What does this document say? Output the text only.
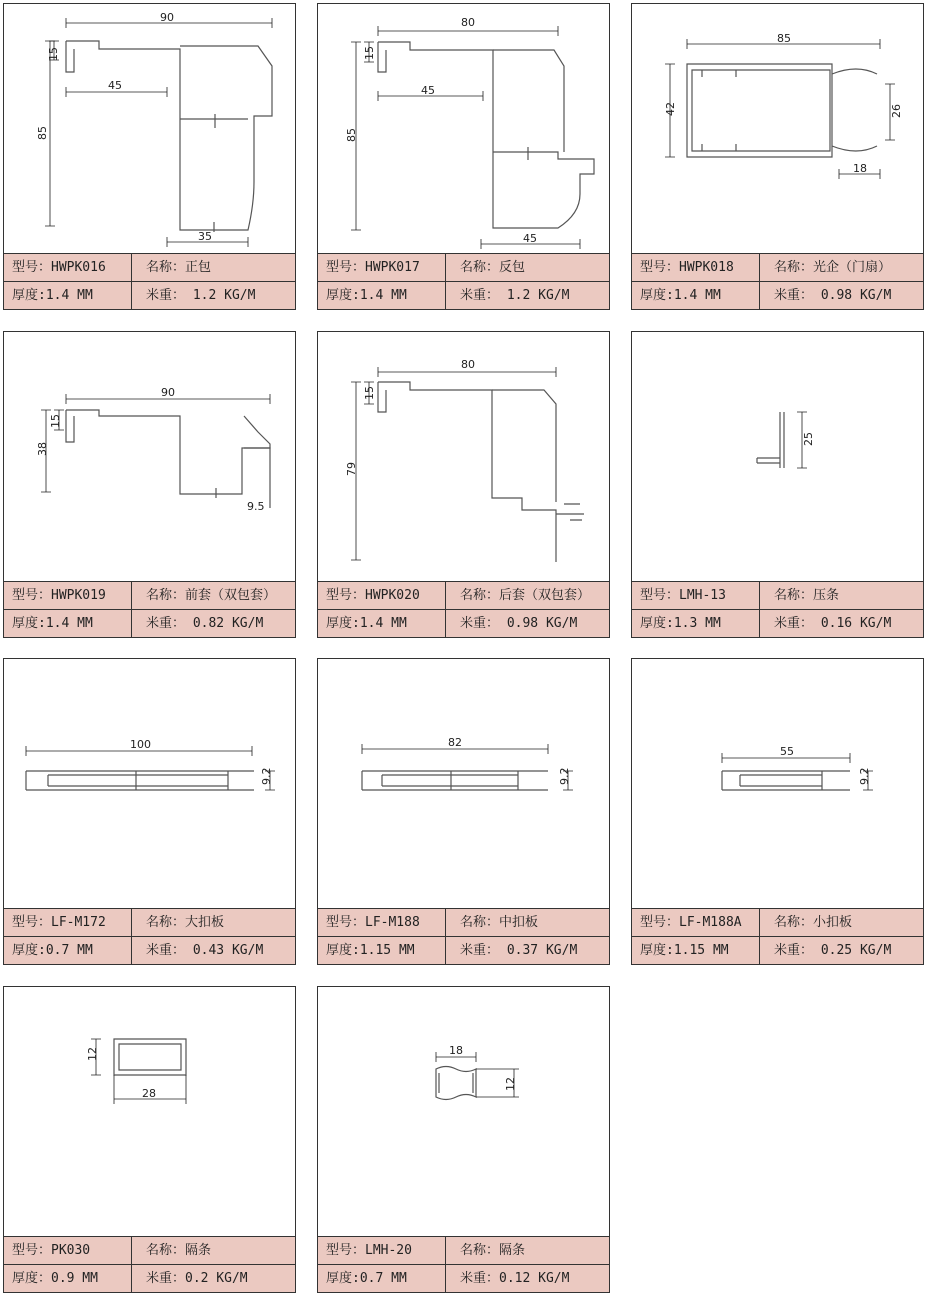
90
15
85
45
35
型号：HWPK016	名称：正包
厚度:1.4 MM	米重： 1.2 KG/M
80
15
85
45
45
型号：HWPK017	名称：反包
厚度:1.4 MM	米重： 1.2 KG/M
85
42	26
18
型号：HWPK018	名称：光企（门扇）
厚度:1.4 MM	米重： 0.98 KG/M
90
15
38
9.5
型号：HWPK019	名称：前套（双包套）
厚度:1.4 MM	米重： 0.82 KG/M
80
15
79
型号：HWPK020	名称：后套（双包套）
厚度:1.4 MM	米重： 0.98 KG/M
25
型号：LMH-13	名称：压条
厚度:1.3 MM	米重： 0.16 KG/M
100
9.2
型号：LF-M172	名称：大扣板
厚度:0.7 MM	米重： 0.43 KG/M
82
9.2
型号：LF-M188	名称：中扣板
厚度:1.15 MM	米重： 0.37 KG/M
55
9.2
型号：LF-M188A	名称：小扣板
厚度:1.15 MM	米重： 0.25 KG/M
12
28
型号：PK030	名称：隔条
厚度：0.9 MM	米重：0.2 KG/M
18
12
型号：LMH-20	名称：隔条
厚度:0.7 MM	米重：0.12 KG/M
